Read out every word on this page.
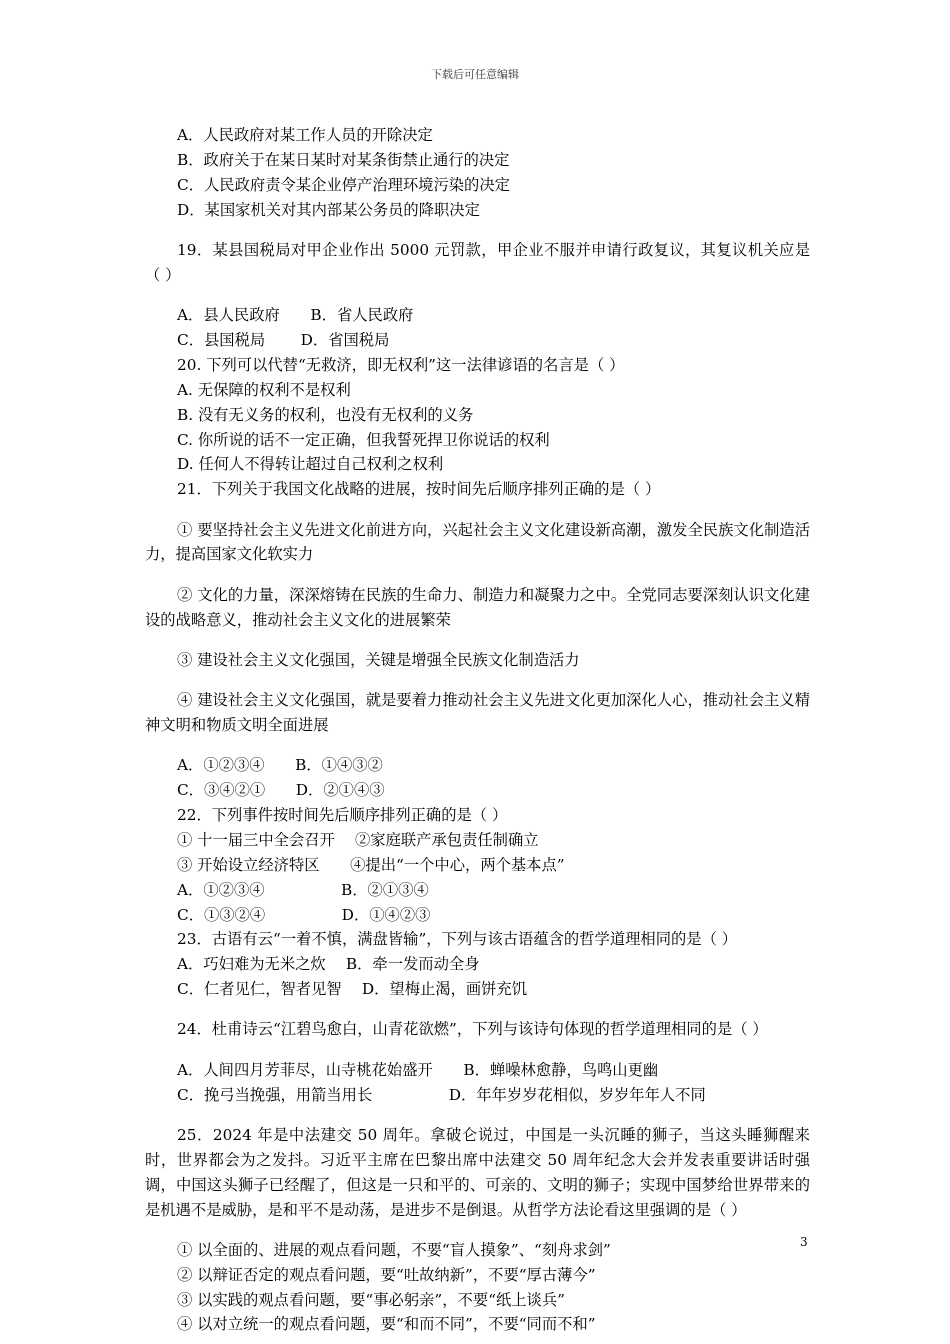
下载后可任意编辑

A．人民政府对某工作人员的开除决定

B．政府关于在某日某时对某条街禁止通行的决定

C．人民政府责令某企业停产治理环境污染的决定

D．某国家机关对其内部某公务员的降职决定

19．某县国税局对甲企业作出 5000 元罚款，甲企业不服并申请行政复议，其复议机关应是（ ）

A．县人民政府　　B．省人民政府

C．县国税局　　 D．省国税局

20. 下列可以代替“无救济，即无权利”这一法律谚语的名言是（ ）

A. 无保障的权利不是权利

B. 没有无义务的权利，也没有无权利的义务

C. 你所说的话不一定正确，但我誓死捍卫你说话的权利

D. 任何人不得转让超过自己权利之权利

21．下列关于我国文化战略的进展，按时间先后顺序排列正确的是（ ）

① 要坚持社会主义先进文化前进方向，兴起社会主义文化建设新高潮，激发全民族文化制造活力，提高国家文化软实力

② 文化的力量，深深熔铸在民族的生命力、制造力和凝聚力之中。全党同志要深刻认识文化建设的战略意义，推动社会主义文化的进展繁荣

③ 建设社会主义文化强国，关键是增强全民族文化制造活力

④ 建设社会主义文化强国，就是要着力推动社会主义先进文化更加深化人心，推动社会主义精神文明和物质文明全面进展

A．①②③④　　B．①④③②

C．③④②①　　D．②①④③

22．下列事件按时间先后顺序排列正确的是（ ）

① 十一届三中全会召开　 ②家庭联产承包责任制确立

③ 开始设立经济特区　　④提出“一个中心，两个基本点”

A．①②③④　　　　　B．②①③④

C．①③②④　　　　　D．①④②③

23．古语有云“一着不慎，满盘皆输”，下列与该古语蕴含的哲学道理相同的是（ ）

A．巧妇难为无米之炊　 B．牵一发而动全身

C．仁者见仁，智者见智　 D．望梅止渴，画饼充饥

24．杜甫诗云“江碧鸟愈白，山青花欲燃”，下列与该诗句体现的哲学道理相同的是（ ）

A．人间四月芳菲尽，山寺桃花始盛开　　B．蝉噪林愈静，鸟鸣山更幽

C．挽弓当挽强，用箭当用长　　　　　D．年年岁岁花相似，岁岁年年人不同

25．2024 年是中法建交 50 周年。拿破仑说过，中国是一头沉睡的狮子，当这头睡狮醒来时，世界都会为之发抖。习近平主席在巴黎出席中法建交 50 周年纪念大会并发表重要讲话时强调，中国这头狮子已经醒了，但这是一只和平的、可亲的、文明的狮子；实现中国梦给世界带来的是机遇不是威胁，是和平不是动荡，是进步不是倒退。从哲学方法论看这里强调的是（ ）

① 以全面的、进展的观点看问题，不要“盲人摸象”、“刻舟求剑”

② 以辩证否定的观点看问题，要“吐故纳新”，不要“厚古薄今”

③ 以实践的观点看问题，要“事必躬亲”，不要“纸上谈兵”

④ 以对立统一的观点看问题，要“和而不同”，不要“同而不和”

3
